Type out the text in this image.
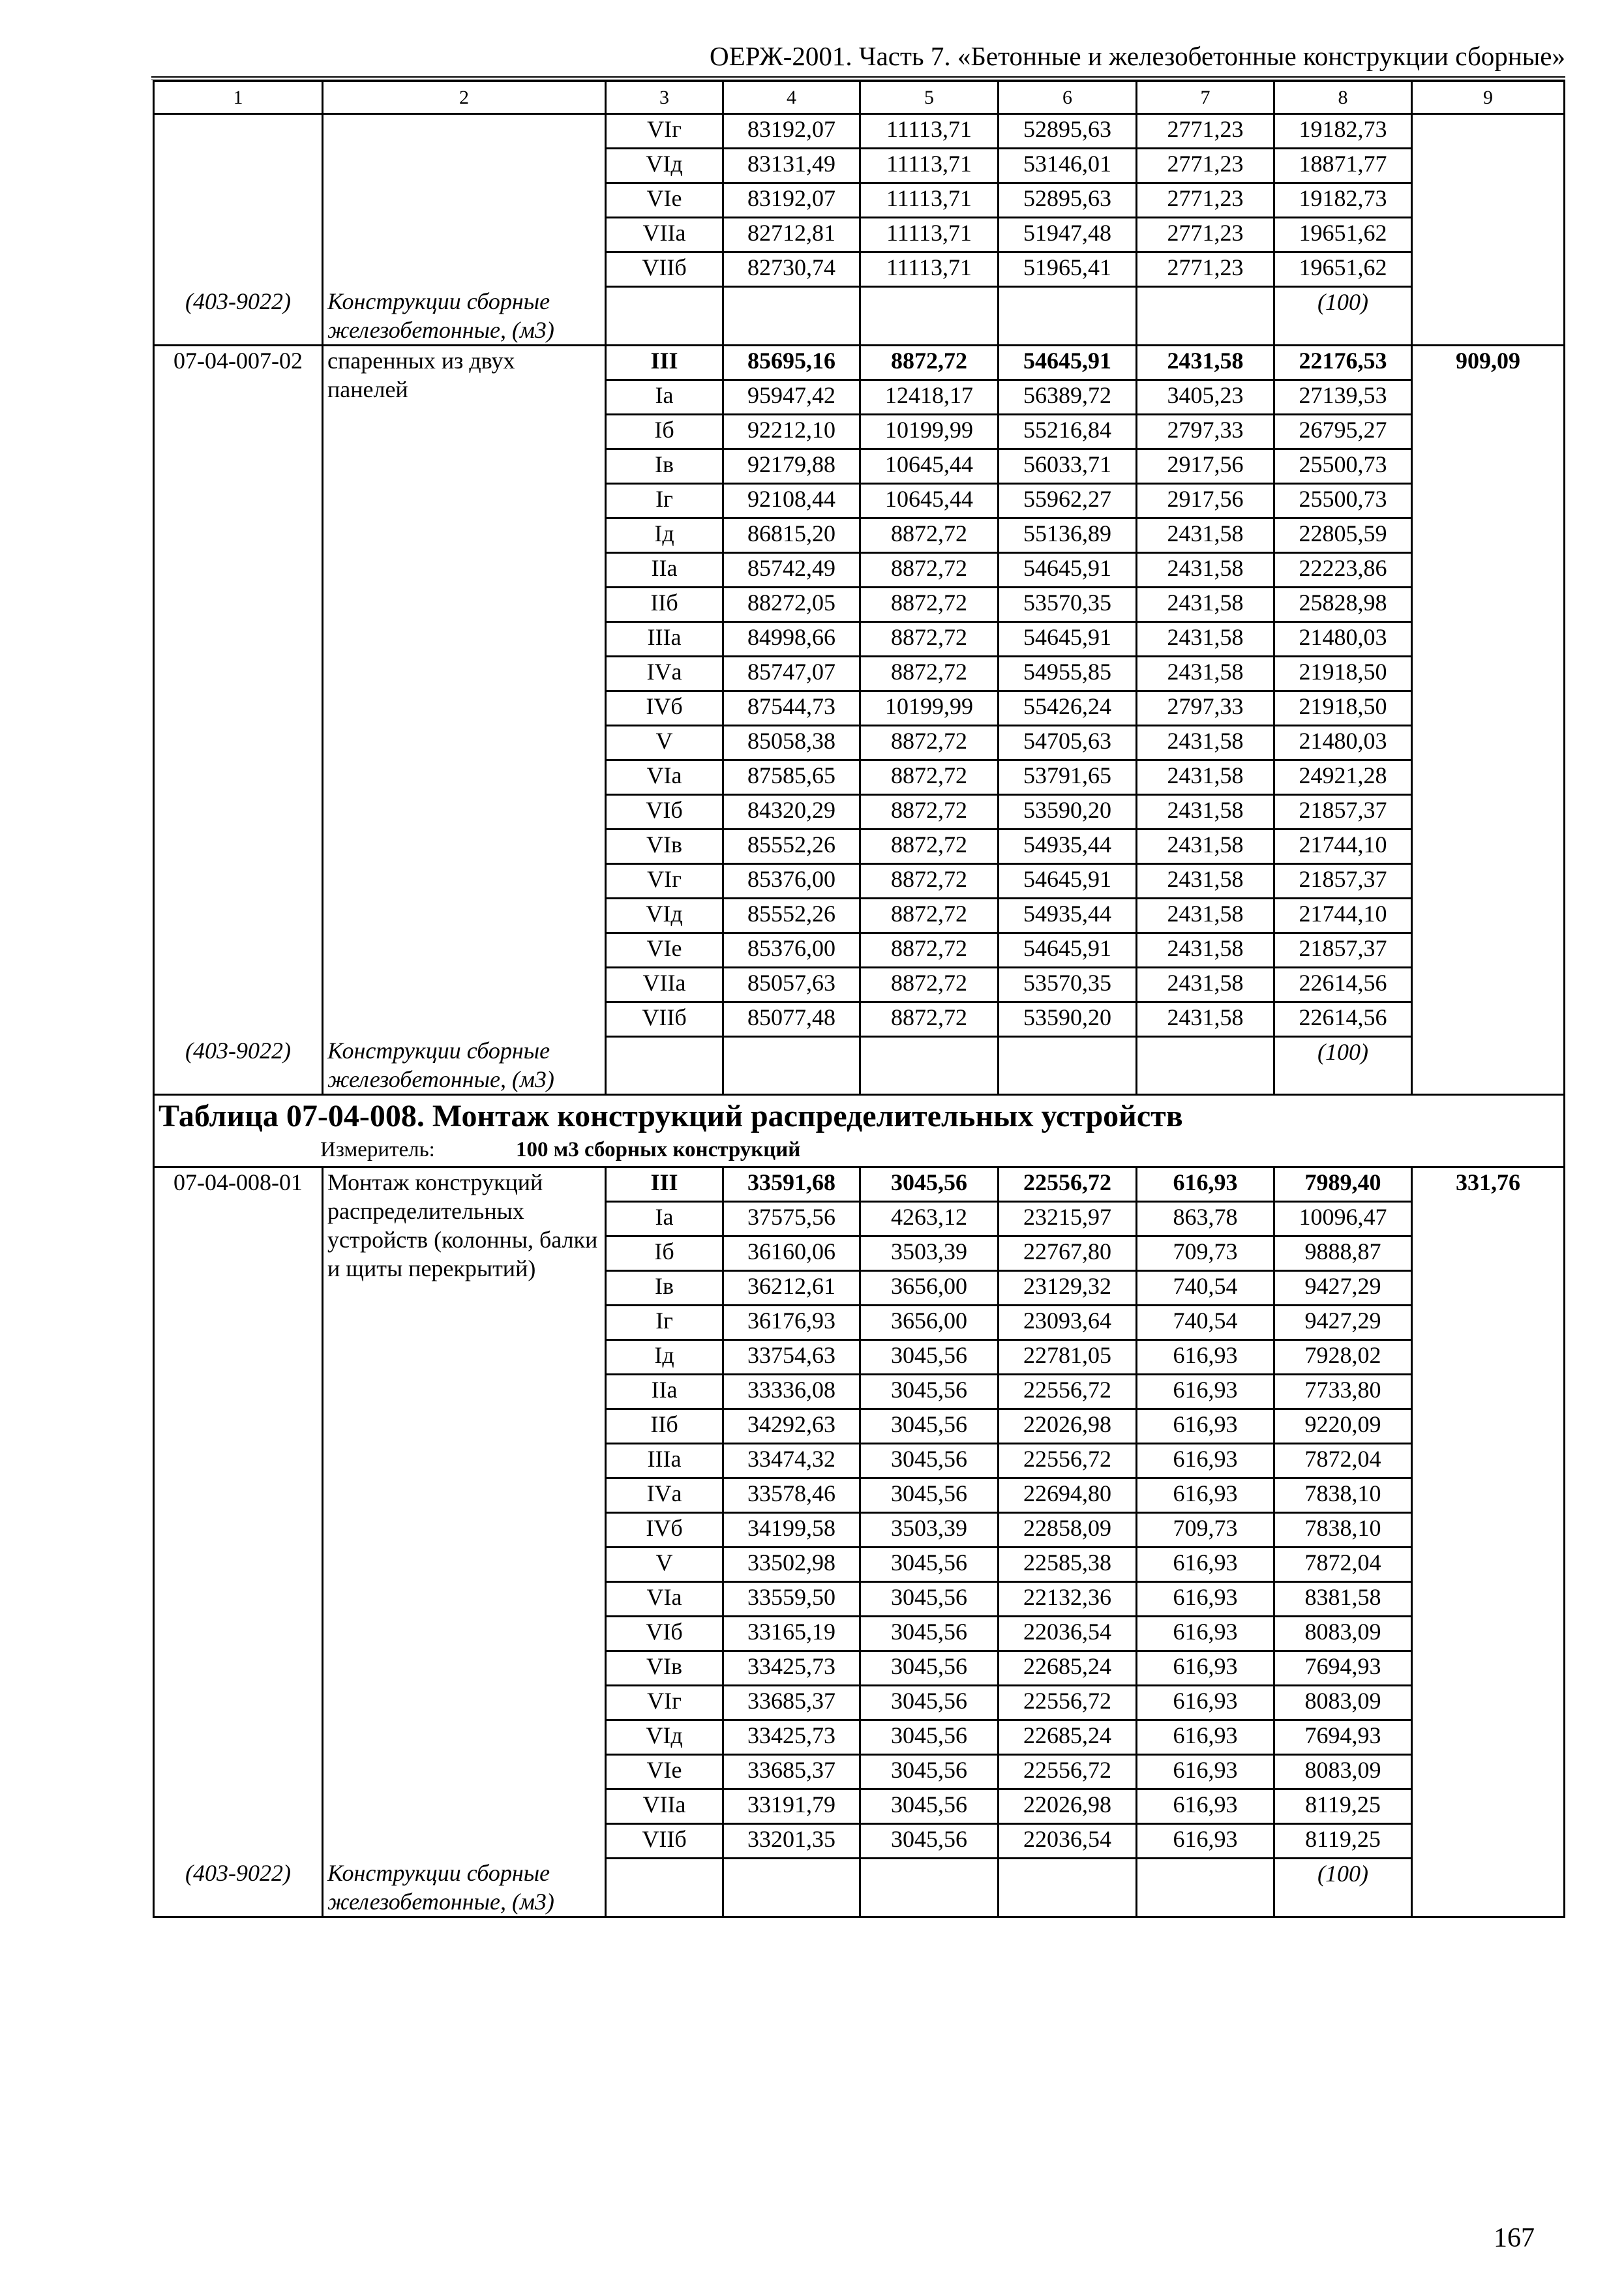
ОЕРЖ-2001. Часть 7. «Бетонные и железобетонные конструкции сборные»
1	2	3	4	5	6	7	8	9
		VIг	83192,07	11113,71	52895,63	2771,23	19182,73	
		VIд	83131,49	11113,71	53146,01	2771,23	18871,77	
		VIе	83192,07	11113,71	52895,63	2771,23	19182,73	
		VIIа	82712,81	11113,71	51947,48	2771,23	19651,62	
		VIIб	82730,74	11113,71	51965,41	2771,23	19651,62	
(403-9022)	Конструкции сборные железобетонные, (м3)						(100)	
07-04-007-02	спаренных из двух панелей	III	85695,16	8872,72	54645,91	2431,58	22176,53	909,09
		Iа	95947,42	12418,17	56389,72	3405,23	27139,53	
		Iб	92212,10	10199,99	55216,84	2797,33	26795,27	
		Iв	92179,88	10645,44	56033,71	2917,56	25500,73	
		Iг	92108,44	10645,44	55962,27	2917,56	25500,73	
		Iд	86815,20	8872,72	55136,89	2431,58	22805,59	
		IIа	85742,49	8872,72	54645,91	2431,58	22223,86	
		IIб	88272,05	8872,72	53570,35	2431,58	25828,98	
		IIIа	84998,66	8872,72	54645,91	2431,58	21480,03	
		IVа	85747,07	8872,72	54955,85	2431,58	21918,50	
		IVб	87544,73	10199,99	55426,24	2797,33	21918,50	
		V	85058,38	8872,72	54705,63	2431,58	21480,03	
		VIа	87585,65	8872,72	53791,65	2431,58	24921,28	
		VIб	84320,29	8872,72	53590,20	2431,58	21857,37	
		VIв	85552,26	8872,72	54935,44	2431,58	21744,10	
		VIг	85376,00	8872,72	54645,91	2431,58	21857,37	
		VIд	85552,26	8872,72	54935,44	2431,58	21744,10	
		VIе	85376,00	8872,72	54645,91	2431,58	21857,37	
		VIIа	85057,63	8872,72	53570,35	2431,58	22614,56	
		VIIб	85077,48	8872,72	53590,20	2431,58	22614,56	
(403-9022)	Конструкции сборные железобетонные, (м3)						(100)	

Таблица 07-04-008. Монтаж конструкций распределительных устройств
Измеритель: 100 м3 сборных конструкций								

07-04-008-01	Монтаж конструкций распределительных устройств (колонны, балки и щиты перекрытий)	III	33591,68	3045,56	22556,72	616,93	7989,40	331,76
		Iа	37575,56	4263,12	23215,97	863,78	10096,47	
		Iб	36160,06	3503,39	22767,80	709,73	9888,87	
		Iв	36212,61	3656,00	23129,32	740,54	9427,29	
		Iг	36176,93	3656,00	23093,64	740,54	9427,29	
		Iд	33754,63	3045,56	22781,05	616,93	7928,02	
		IIа	33336,08	3045,56	22556,72	616,93	7733,80	
		IIб	34292,63	3045,56	22026,98	616,93	9220,09	
		IIIа	33474,32	3045,56	22556,72	616,93	7872,04	
		IVа	33578,46	3045,56	22694,80	616,93	7838,10	
		IVб	34199,58	3503,39	22858,09	709,73	7838,10	
		V	33502,98	3045,56	22585,38	616,93	7872,04	
		VIа	33559,50	3045,56	22132,36	616,93	8381,58	
		VIб	33165,19	3045,56	22036,54	616,93	8083,09	
		VIв	33425,73	3045,56	22685,24	616,93	7694,93	
		VIг	33685,37	3045,56	22556,72	616,93	8083,09	
		VIд	33425,73	3045,56	22685,24	616,93	7694,93	
		VIе	33685,37	3045,56	22556,72	616,93	8083,09	
		VIIа	33191,79	3045,56	22026,98	616,93	8119,25	
		VIIб	33201,35	3045,56	22036,54	616,93	8119,25	
(403-9022)	Конструкции сборные железобетонные, (м3)						(100)	
167
